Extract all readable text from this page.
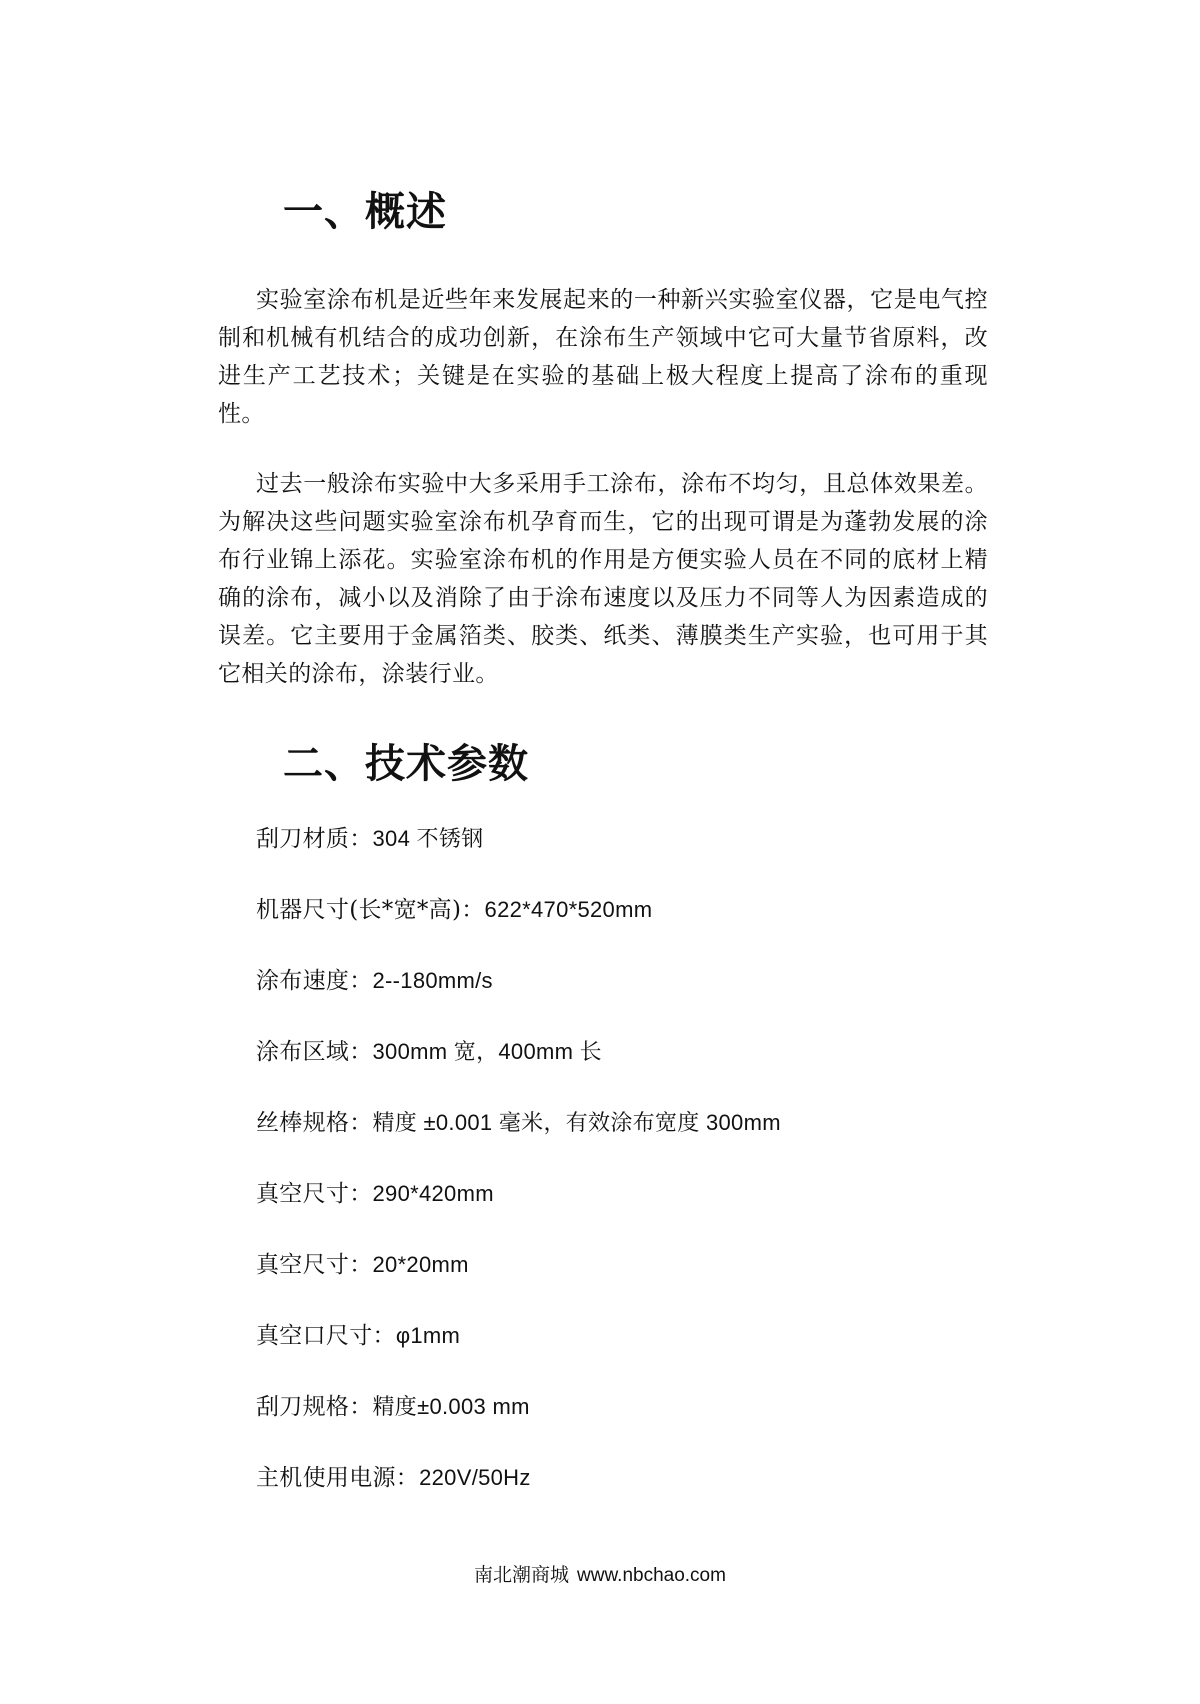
一、概述

实验室涂布机是近些年来发展起来的一种新兴实验室仪器，它是电气控制和机械有机结合的成功创新，在涂布生产领域中它可大量节省原料，改进生产工艺技术；关键是在实验的基础上极大程度上提高了涂布的重现性。

过去一般涂布实验中大多采用手工涂布，涂布不均匀，且总体效果差。为解决这些问题实验室涂布机孕育而生，它的出现可谓是为蓬勃发展的涂布行业锦上添花。实验室涂布机的作用是方便实验人员在不同的底材上精确的涂布，减小以及消除了由于涂布速度以及压力不同等人为因素造成的误差。它主要用于金属箔类、胶类、纸类、薄膜类生产实验，也可用于其它相关的涂布，涂装行业。

二、技术参数
刮刀材质：304 不锈钢
机器尺寸(长*宽*高)：622*470*520mm
涂布速度：2--180mm/s
涂布区域：300mm 宽，400mm 长
丝棒规格：精度 ±0.001 毫米，有效涂布宽度 300mm
真空尺寸：290*420mm
真空尺寸：20*20mm
真空口尺寸：φ1mm
刮刀规格：精度±0.003 mm
主机使用电源：220V/50Hz
南北潮商城 www.nbchao.com
